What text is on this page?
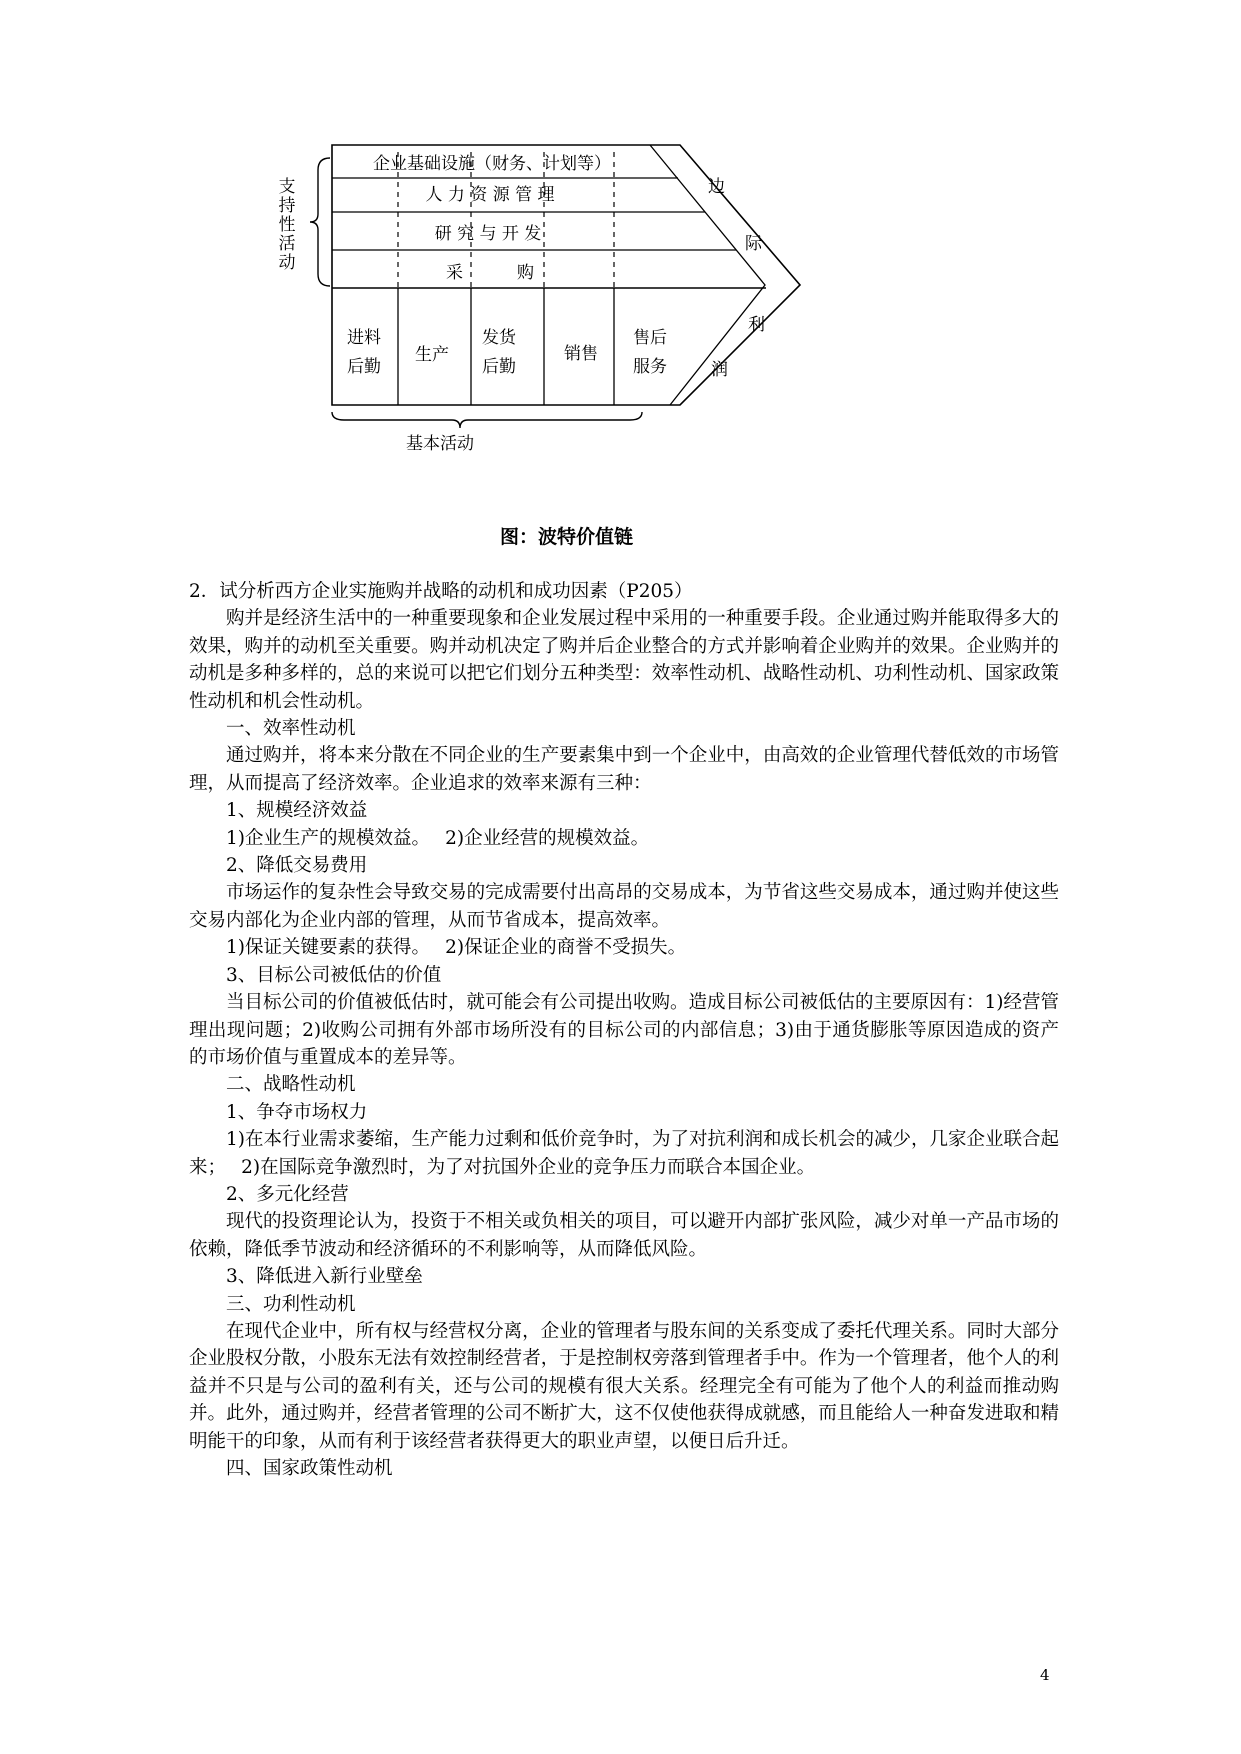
支
持
性
活
动
企业基础设施（财务、计划等）
人 力 资 源 管 理
研 究 与 开 发
采          购
进料
后勤
生产
发货
后勤
销售
售后
服务
边
际
利
润
基本活动
图：波特价值链

2．试分析西方企业实施购并战略的动机和成功因素（P205）

购并是经济生活中的一种重要现象和企业发展过程中采用的一种重要手段。企业通过购并能取得多大的效果，购并的动机至关重要。购并动机决定了购并后企业整合的方式并影响着企业购并的效果。企业购并的动机是多种多样的，总的来说可以把它们划分五种类型：效率性动机、战略性动机、功利性动机、国家政策性动机和机会性动机。

一、效率性动机

通过购并，将本来分散在不同企业的生产要素集中到一个企业中，由高效的企业管理代替低效的市场管理，从而提高了经济效率。企业追求的效率来源有三种：

1、规模经济效益

1)企业生产的规模效益。　 2)企业经营的规模效益。

2、降低交易费用

市场运作的复杂性会导致交易的完成需要付出高昂的交易成本，为节省这些交易成本，通过购并使这些交易内部化为企业内部的管理，从而节省成本，提高效率。

1)保证关键要素的获得。　 2)保证企业的商誉不受损失。

3、目标公司被低估的价值

当目标公司的价值被低估时，就可能会有公司提出收购。造成目标公司被低估的主要原因有：1)经营管理出现问题；2)收购公司拥有外部市场所没有的目标公司的内部信息；3)由于通货膨胀等原因造成的资产的市场价值与重置成本的差异等。

二、战略性动机

1、争夺市场权力

1)在本行业需求萎缩，生产能力过剩和低价竞争时，为了对抗利润和成长机会的减少，几家企业联合起来；　 2)在国际竞争激烈时，为了对抗国外企业的竞争压力而联合本国企业。

2、多元化经营

现代的投资理论认为，投资于不相关或负相关的项目，可以避开内部扩张风险，减少对单一产品市场的依赖，降低季节波动和经济循环的不利影响等，从而降低风险。

3、降低进入新行业壁垒

三、功利性动机

在现代企业中，所有权与经营权分离，企业的管理者与股东间的关系变成了委托代理关系。同时大部分企业股权分散，小股东无法有效控制经营者，于是控制权旁落到管理者手中。作为一个管理者，他个人的利益并不只是与公司的盈利有关，还与公司的规模有很大关系。经理完全有可能为了他个人的利益而推动购并。此外，通过购并，经营者管理的公司不断扩大，这不仅使他获得成就感，而且能给人一种奋发进取和精明能干的印象，从而有利于该经营者获得更大的职业声望，以便日后升迁。

四、国家政策性动机

4
